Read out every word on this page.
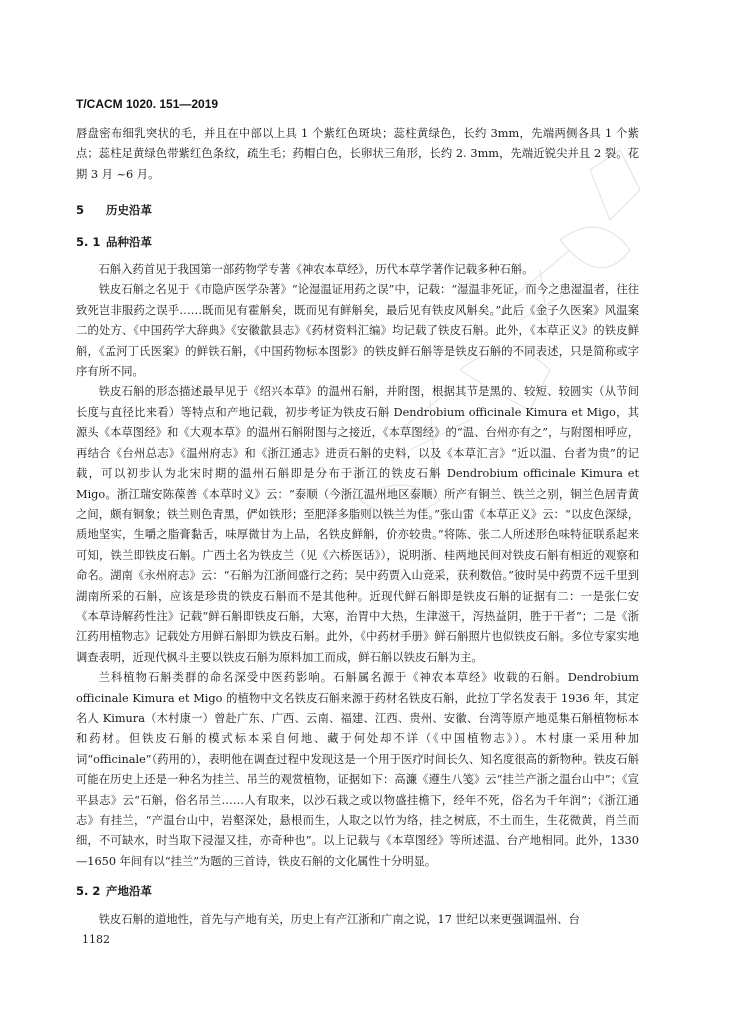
T/CACM 1020. 151—2019

唇盘密布细乳突状的毛，并且在中部以上具 1 个紫红色斑块；蕊柱黄绿色，长约 3mm，先端两侧各具 1 个紫点；蕊柱足黄绿色带紫红色条纹，疏生毛；药帽白色，长卵状三角形，长约 2. 3mm，先端近锐尖并且 2 裂。花期 3 月 ~6 月。

5 历史沿革
5. 1 品种沿革

石斛入药首见于我国第一部药物学专著《神农本草经》，历代本草学著作记载多种石斛。

铁皮石斛之名见于《市隐庐医学杂著》“论湿温证用药之误”中，记载：“湿温非死证，而今之患湿温者，往往致死岂非服药之误乎……既而见有霍斛矣，既而见有鲜斛矣，最后见有铁皮风斛矣。”此后《金子久医案》风温案二的处方、《中国药学大辞典》《安徽歙县志》《药材资料汇编》均记载了铁皮石斛。此外，《本草正义》的铁皮鲜斛，《孟河丁氏医案》的鲜铁石斛，《中国药物标本图影》的铁皮鲜石斛等是铁皮石斛的不同表述，只是简称或字序有所不同。

铁皮石斛的形态描述最早见于《绍兴本草》的温州石斛，并附图，根据其节是黑的、较短、较圆实（从节间长度与直径比来看）等特点和产地记载，初步考证为铁皮石斛 Dendrobium officinale Kimura et Migo，其源头《本草图经》和《大观本草》的温州石斛附图与之接近，《本草图经》的“温、台州亦有之”，与附图相呼应，再结合《台州总志》《温州府志》和《浙江通志》进贡石斛的史料，以及《本草汇言》“近以温、台者为贵”的记载，可以初步认为北宋时期的温州石斛即是分布于浙江的铁皮石斛 Dendrobium officinale Kimura et Migo。浙江瑞安陈葆善《本草时义》云：“泰顺（今浙江温州地区泰顺）所产有铜兰、铁兰之别，铜兰色居青黄之间，颇有铜象；铁兰则色青黑，俨如铁形；至肥泽多脂则以铁兰为佳。”张山雷《本草正义》云：“以皮色深绿，质地坚实，生嚼之脂膏黏舌，味厚微甘为上品，名铁皮鲜斛，价亦较贵。”将陈、张二人所述形色味特征联系起来可知，铁兰即铁皮石斛。广西土名为铁皮兰（见《六桥医话》），说明浙、桂两地民间对铁皮石斛有相近的观察和命名。湖南《永州府志》云：“石斛为江浙间盛行之药；吴中药贾入山竞采，获利数倍。”彼时吴中药贾不远千里到湖南所采的石斛，应该是珍贵的铁皮石斛而不是其他种。近现代鲜石斛即是铁皮石斛的证据有二：一是张仁安《本草诗解药性注》记载“鲜石斛即铁皮石斛，大寒，治胃中大热，生津滋干，泻热益阴，胜于干者”；二是《浙江药用植物志》记载处方用鲜石斛即为铁皮石斛。此外，《中药材手册》鲜石斛照片也似铁皮石斛。多位专家实地调查表明，近现代枫斗主要以铁皮石斛为原料加工而成，鲜石斛以铁皮石斛为主。

兰科植物石斛类群的命名深受中医药影响。石斛属名源于《神农本草经》收载的石斛。Dendrobium officinale Kimura et Migo 的植物中文名铁皮石斛来源于药材名铁皮石斛，此拉丁学名发表于 1936 年，其定名人 Kimura（木村康一）曾赴广东、广西、云南、福建、江西、贵州、安徽、台湾等原产地觅集石斛植物标本和药材。但铁皮石斛的模式标本采自何地、藏于何处却不详（《中国植物志》）。木村康一采用种加词“officinale”（药用的），表明他在调查过程中发现这是一个用于医疗时间长久、知名度很高的新物种。铁皮石斛可能在历史上还是一种名为挂兰、吊兰的观赏植物，证据如下：高濂《遵生八笺》云“挂兰产浙之温台山中”；《宣平县志》云“石斛，俗名吊兰……人有取来，以沙石栽之或以物盛挂檐下，经年不死，俗名为千年润”；《浙江通志》有挂兰，“产温台山中，岩壑深处，悬根而生，人取之以竹为络，挂之树底，不土而生，生花微黄，肖兰而细，不可缺水，时当取下浸湿又挂，亦奇种也”。以上记载与《本草图经》等所述温、台产地相同。此外，1330—1650 年间有以“挂兰”为题的三首诗，铁皮石斛的文化属性十分明显。

5. 2 产地沿革

铁皮石斛的道地性，首先与产地有关，历史上有产江浙和广南之说，17 世纪以来更强调温州、台

1182
